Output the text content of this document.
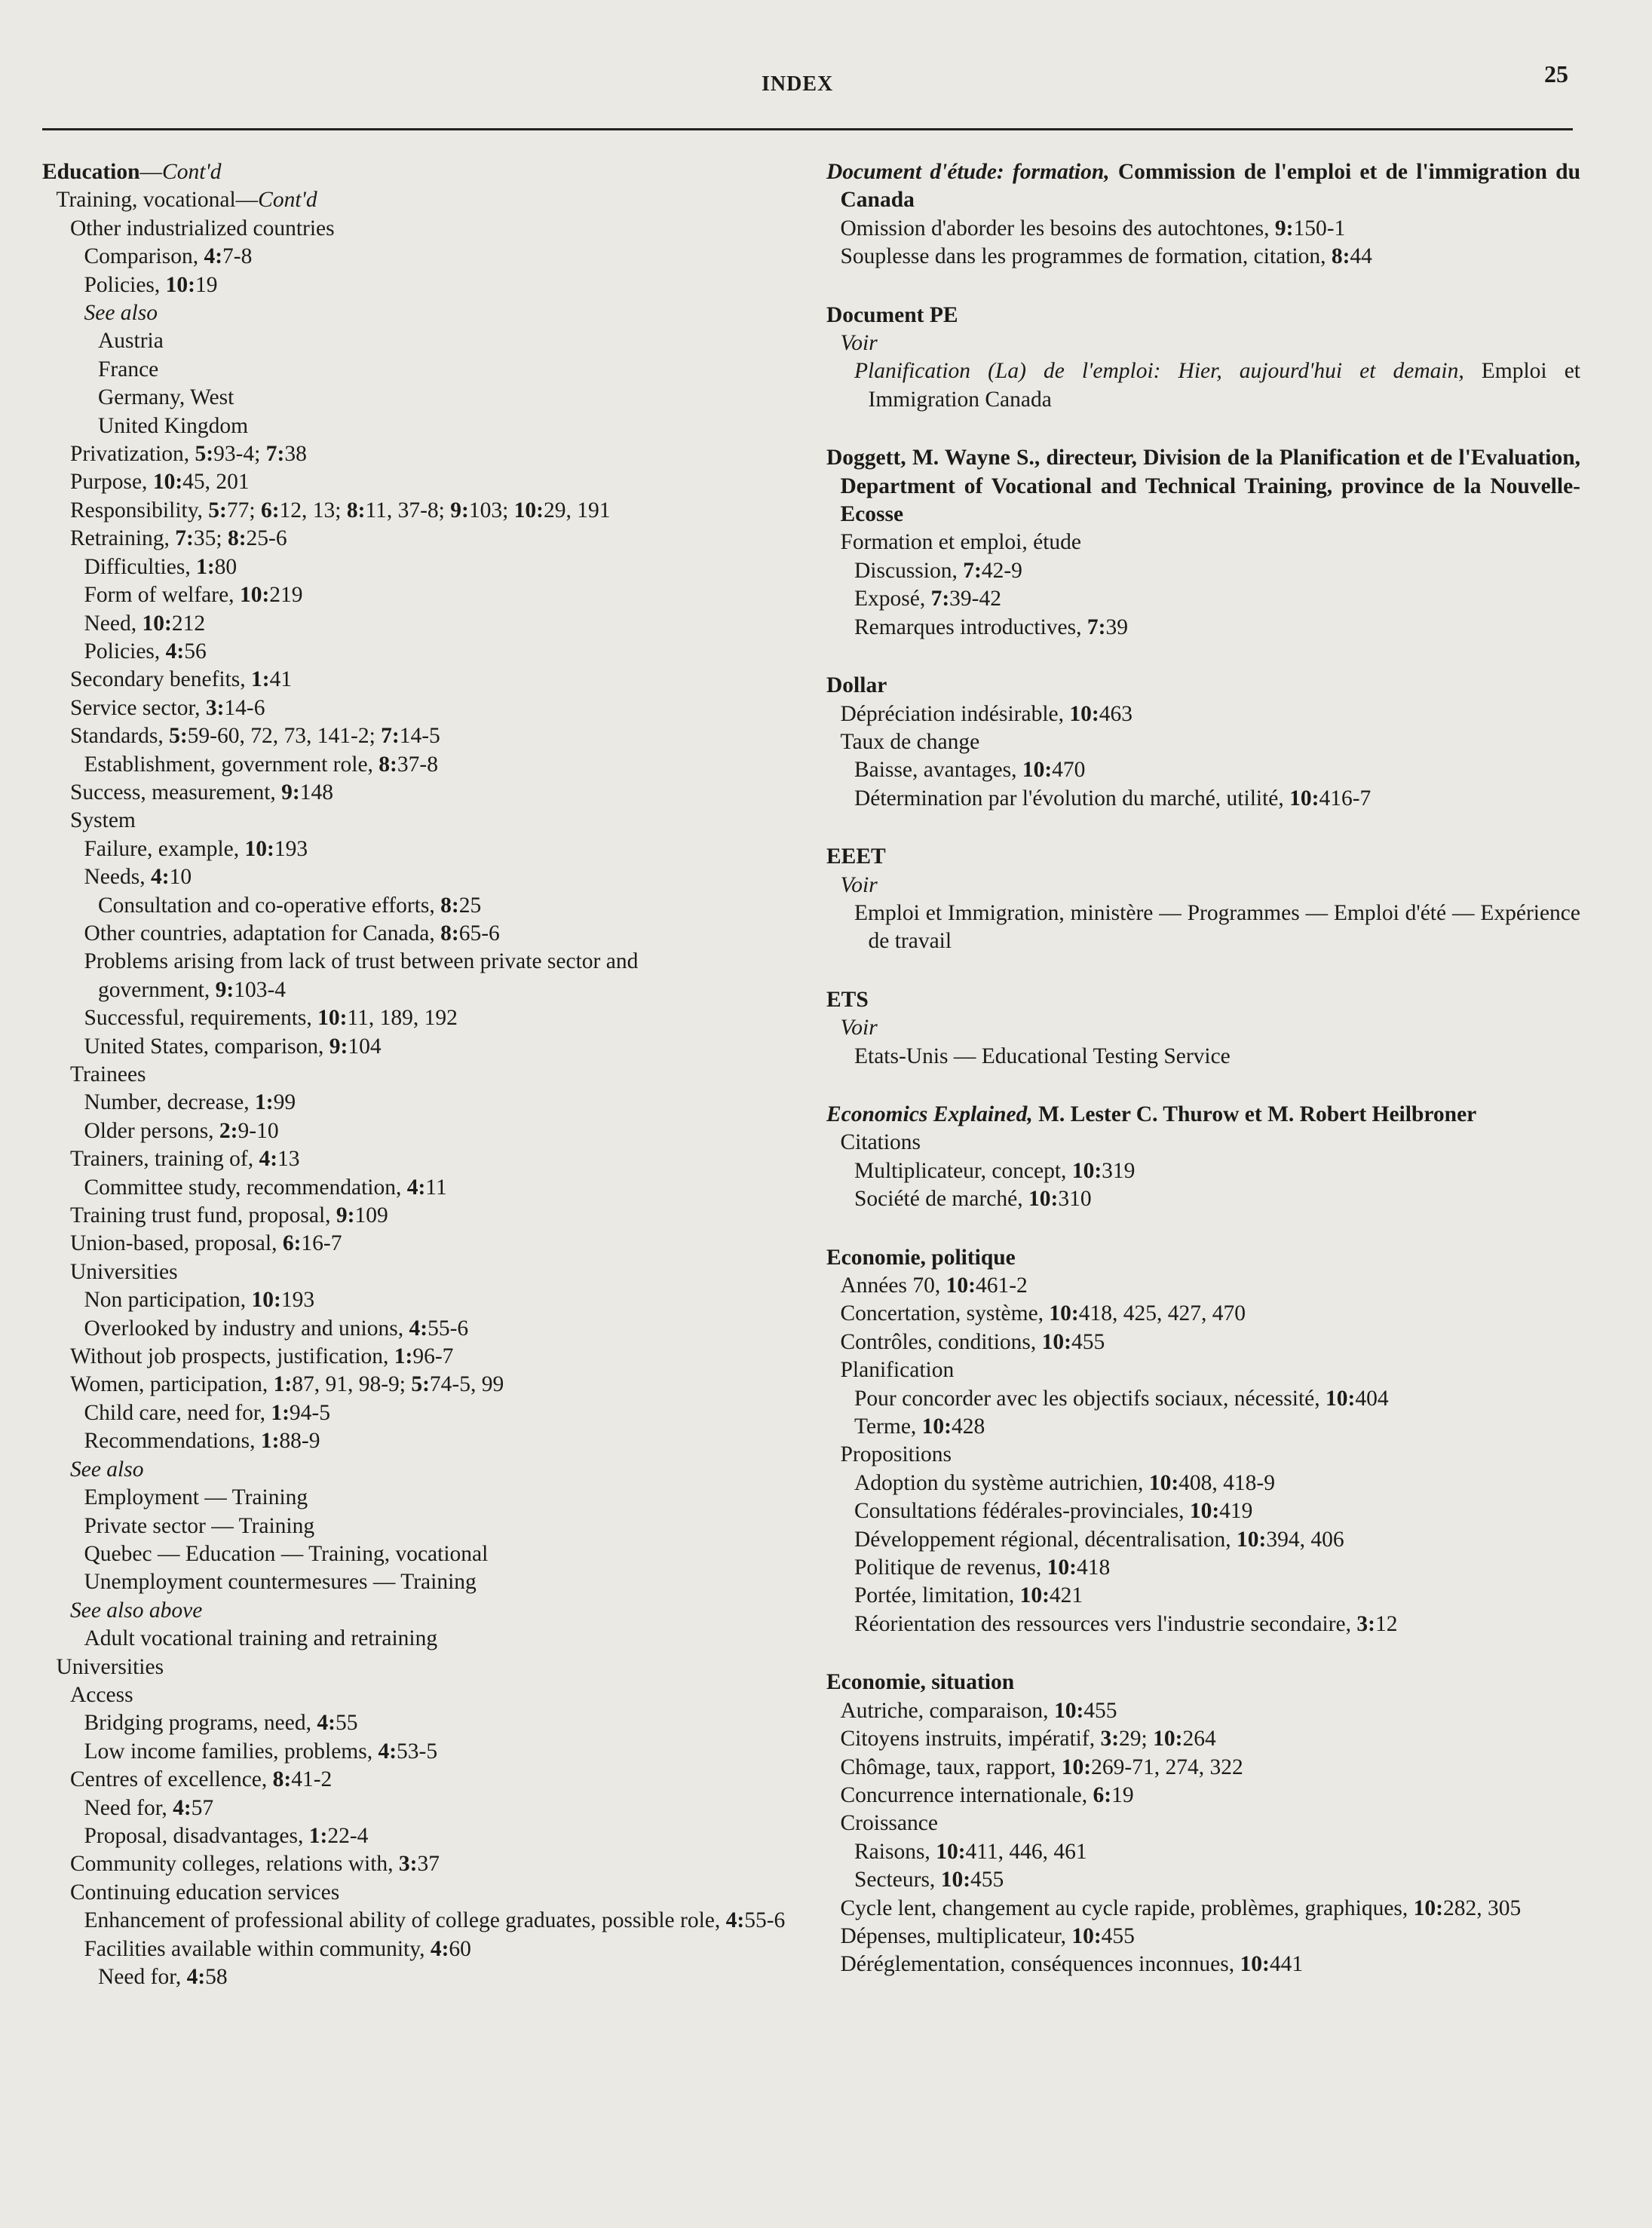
INDEX	25
Education—Cont'd
Training, vocational—Cont'd
Other industrialized countries
Comparison, 4:7-8
Policies, 10:19
See also
Austria
France
Germany, West
United Kingdom
Privatization, 5:93-4; 7:38
Purpose, 10:45, 201
Responsibility, 5:77; 6:12, 13; 8:11, 37-8; 9:103; 10:29, 191
Retraining, 7:35; 8:25-6
Difficulties, 1:80
Form of welfare, 10:219
Need, 10:212
Policies, 4:56
Secondary benefits, 1:41
Service sector, 3:14-6
Standards, 5:59-60, 72, 73, 141-2; 7:14-5
Establishment, government role, 8:37-8
Success, measurement, 9:148
System
Failure, example, 10:193
Needs, 4:10
Consultation and co-operative efforts, 8:25
Other countries, adaptation for Canada, 8:65-6
Problems arising from lack of trust between private sector and
government, 9:103-4
Successful, requirements, 10:11, 189, 192
United States, comparison, 9:104
Trainees
Number, decrease, 1:99
Older persons, 2:9-10
Trainers, training of, 4:13
Committee study, recommendation, 4:11
Training trust fund, proposal, 9:109
Union-based, proposal, 6:16-7
Universities
Non participation, 10:193
Overlooked by industry and unions, 4:55-6
Without job prospects, justification, 1:96-7
Women, participation, 1:87, 91, 98-9; 5:74-5, 99
Child care, need for, 1:94-5
Recommendations, 1:88-9
See also
Employment — Training
Private sector — Training
Quebec — Education — Training, vocational
Unemployment countermesures — Training
See also above
Adult vocational training and retraining
Universities
Access
Bridging programs, need, 4:55
Low income families, problems, 4:53-5
Centres of excellence, 8:41-2
Need for, 4:57
Proposal, disadvantages, 1:22-4
Community colleges, relations with, 3:37
Continuing education services
Enhancement of professional ability of college graduates, possible role, 4:55-6
Facilities available within community, 4:60
Need for, 4:58
Document d'étude: formation, Commission de l'emploi et de l'immigration du Canada
Omission d'aborder les besoins des autochtones, 9:150-1
Souplesse dans les programmes de formation, citation, 8:44
Document PE
Voir
Planification (La) de l'emploi: Hier, aujourd'hui et demain, Emploi et Immigration Canada
Doggett, M. Wayne S., directeur, Division de la Planification et de l'Evaluation, Department of Vocational and Technical Training, province de la Nouvelle-Ecosse
Formation et emploi, étude
Discussion, 7:42-9
Exposé, 7:39-42
Remarques introductives, 7:39
Dollar
Dépréciation indésirable, 10:463
Taux de change
Baisse, avantages, 10:470
Détermination par l'évolution du marché, utilité, 10:416-7
EEET
Voir
Emploi et Immigration, ministère — Programmes — Emploi d'été — Expérience de travail
ETS
Voir
Etats-Unis — Educational Testing Service
Economics Explained, M. Lester C. Thurow et M. Robert Heilbroner
Citations
Multiplicateur, concept, 10:319
Société de marché, 10:310
Economie, politique
Années 70, 10:461-2
Concertation, système, 10:418, 425, 427, 470
Contrôles, conditions, 10:455
Planification
Pour concorder avec les objectifs sociaux, nécessité, 10:404
Terme, 10:428
Propositions
Adoption du système autrichien, 10:408, 418-9
Consultations fédérales-provinciales, 10:419
Développement régional, décentralisation, 10:394, 406
Politique de revenus, 10:418
Portée, limitation, 10:421
Réorientation des ressources vers l'industrie secondaire, 3:12
Economie, situation
Autriche, comparaison, 10:455
Citoyens instruits, impératif, 3:29; 10:264
Chômage, taux, rapport, 10:269-71, 274, 322
Concurrence internationale, 6:19
Croissance
Raisons, 10:411, 446, 461
Secteurs, 10:455
Cycle lent, changement au cycle rapide, problèmes, graphiques, 10:282, 305
Dépenses, multiplicateur, 10:455
Déréglementation, conséquences inconnues, 10:441
